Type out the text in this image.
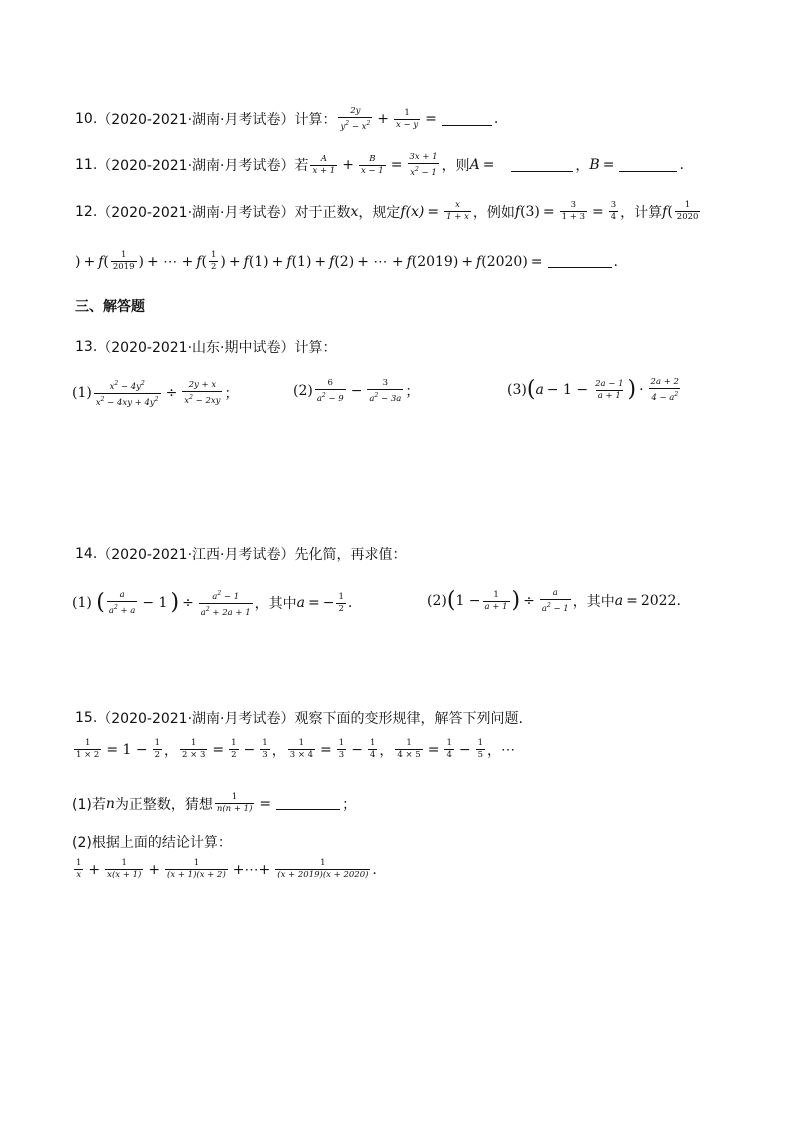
10. （2020-2021·湖南·月考试卷） 计算： $\frac{2y}{y^2 - x^2} + \frac{1}{x - y}$ =	.
11. （2020-2021·湖南·月考试卷） 若 $\frac{A}{x + 1} + \frac{B}{x - 1} = \frac{3x + 1}{x^2 - 1}$ ，则 A =	， B =	.
12. （2020-2021·湖南·月考试卷） 对于正数 x ，规定 $f(x) = \frac{x}{1 + x}$ ，例如 f $(3) = \frac{3}{1 + 3} = \frac{3}{4}$ ，计算 f ( $\frac{1}{2020}$
) + f ( $\frac{1}{2019}$ ) + ⋯ + f ( $\frac{1}{2}$ ) + f (1) + f (1) + f (2) + ⋯ + f (2019) + f (2020) =	.
三、解答题
13. （2020-2021·山东·期中试卷） 计算：
$(1) \frac{x^2 - 4y^2}{x^2 - 4xy + 4y^2} \div \frac{2y + x}{x^2 - 2xy}$ ；	$(2) \frac{6}{a^2 - 9} - \frac{3}{a^2 - 3a}$ ；	(3) ( $a - 1 - \frac{2a - 1}{a + 1}$ ) · $\frac{2a + 2}{4 - a^2}$
14. （2020-2021·江西·月考试卷） 先化简，再求值：
(1) ( $\frac{a}{a^2 + a} - 1$ ) ÷ $\frac{a^2 - 1}{a^2 + 2a + 1}$ ， 其中 a = − $\frac{1}{2}$ .	(2) ( $1 - \frac{1}{a + 1}$ ) ÷ $\frac{a}{a^2 - 1}$ ， 其中 a = 2022.
15. （2020-2021·湖南·月考试卷） 观察下面的变形规律，解答下列问题.
$\frac{1}{1 \times 2} = 1 - \frac{1}{2}$ ， $\frac{1}{2 \times 3} = \frac{1}{2} - \frac{1}{3}$ ， $\frac{1}{3 \times 4} = \frac{1}{3} - \frac{1}{4}$ ， $\frac{1}{4 \times 5} = \frac{1}{4} - \frac{1}{5}$ ， ⋯
(1)若 n 为正整数，猜想 $\frac{1}{n(n + 1)}$ =	；
(2)根据上面的结论计算：
$\frac{1}{x} + \frac{1}{x(x + 1)} + \frac{1}{(x + 1)(x + 2)}$ +⋯+ $\frac{1}{(x + 2019)(x + 2020)}$ .
